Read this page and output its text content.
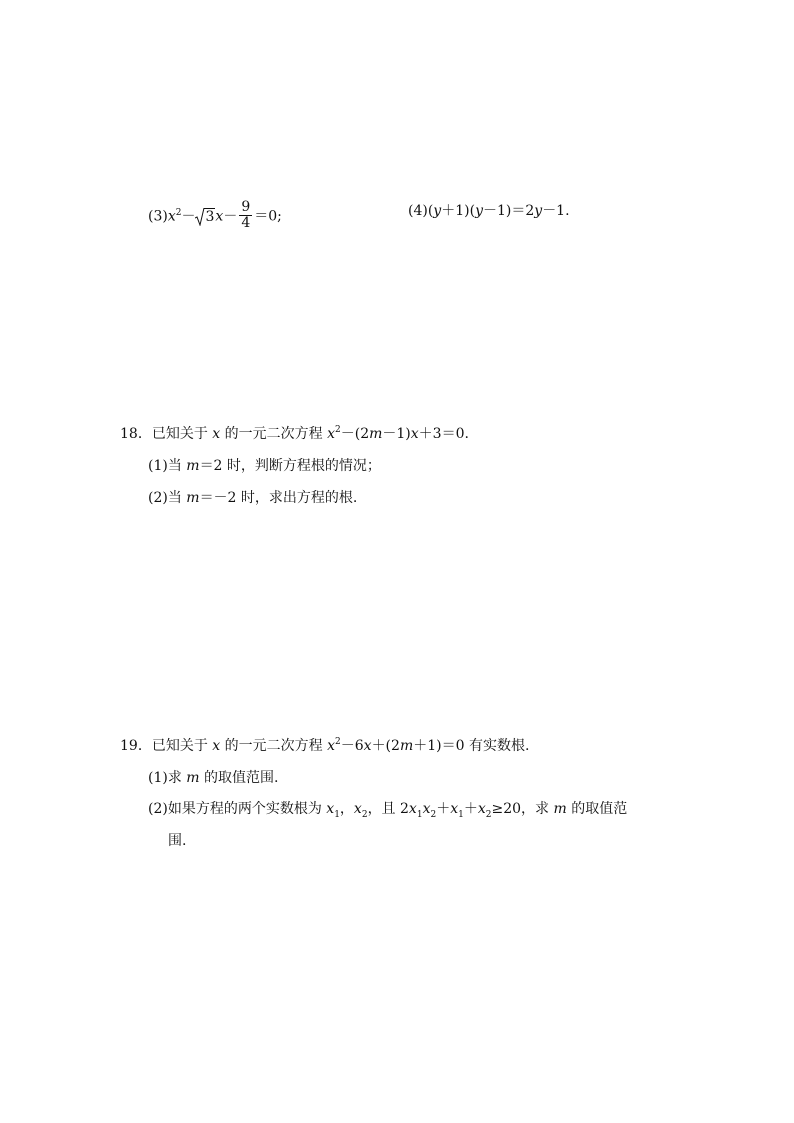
$(3)x^2- 3x- \frac{9}{4} =0$;	(4)(y＋1)(y－1)＝2y－1.
18．已知关于 x 的一元二次方程 $x^2-(2m-1)x+3=0$.
(1)当 m＝2 时，判断方程根的情况；
(2)当 m＝－2 时，求出方程的根.
19．已知关于 x 的一元二次方程 $x^2-6x+(2m+1)=0$ 有实数根.
(1)求 m 的取值范围.
(2)如果方程的两个实数根为 $x_1$，$x_2$，且 $2x_1x_2+x_1+x_2\ge 20$，求 m 的取值范
围.
